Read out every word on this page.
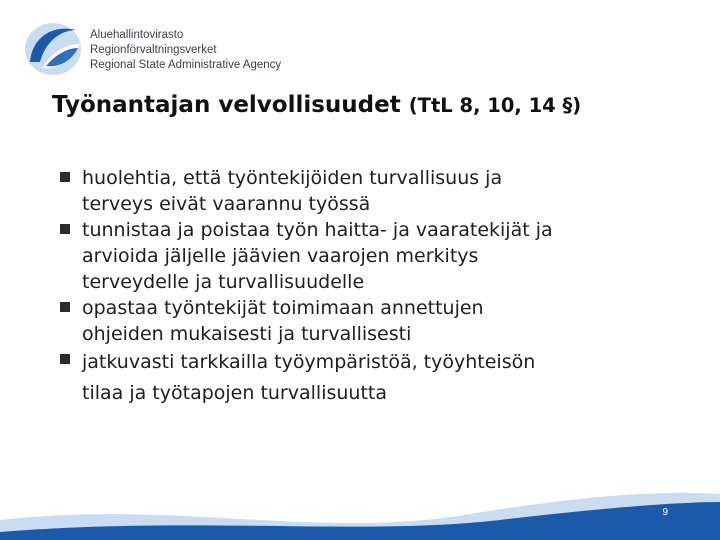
Aluehallintovirasto
Regionförvaltningsverket
Regional State Administrative Agency
Työnantajan velvollisuudet (TtL 8, 10, 14 §)
huolehtia, että työntekijöiden turvallisuus ja
terveys eivät vaarannu työssä
tunnistaa ja poistaa työn haitta- ja vaaratekijät ja
arvioida jäljelle jäävien vaarojen merkitys
terveydelle ja turvallisuudelle
opastaa työntekijät toimimaan annettujen
ohjeiden mukaisesti ja turvallisesti
jatkuvasti tarkkailla työympäristöä, työyhteisön
tilaa ja työtapojen turvallisuutta
9
